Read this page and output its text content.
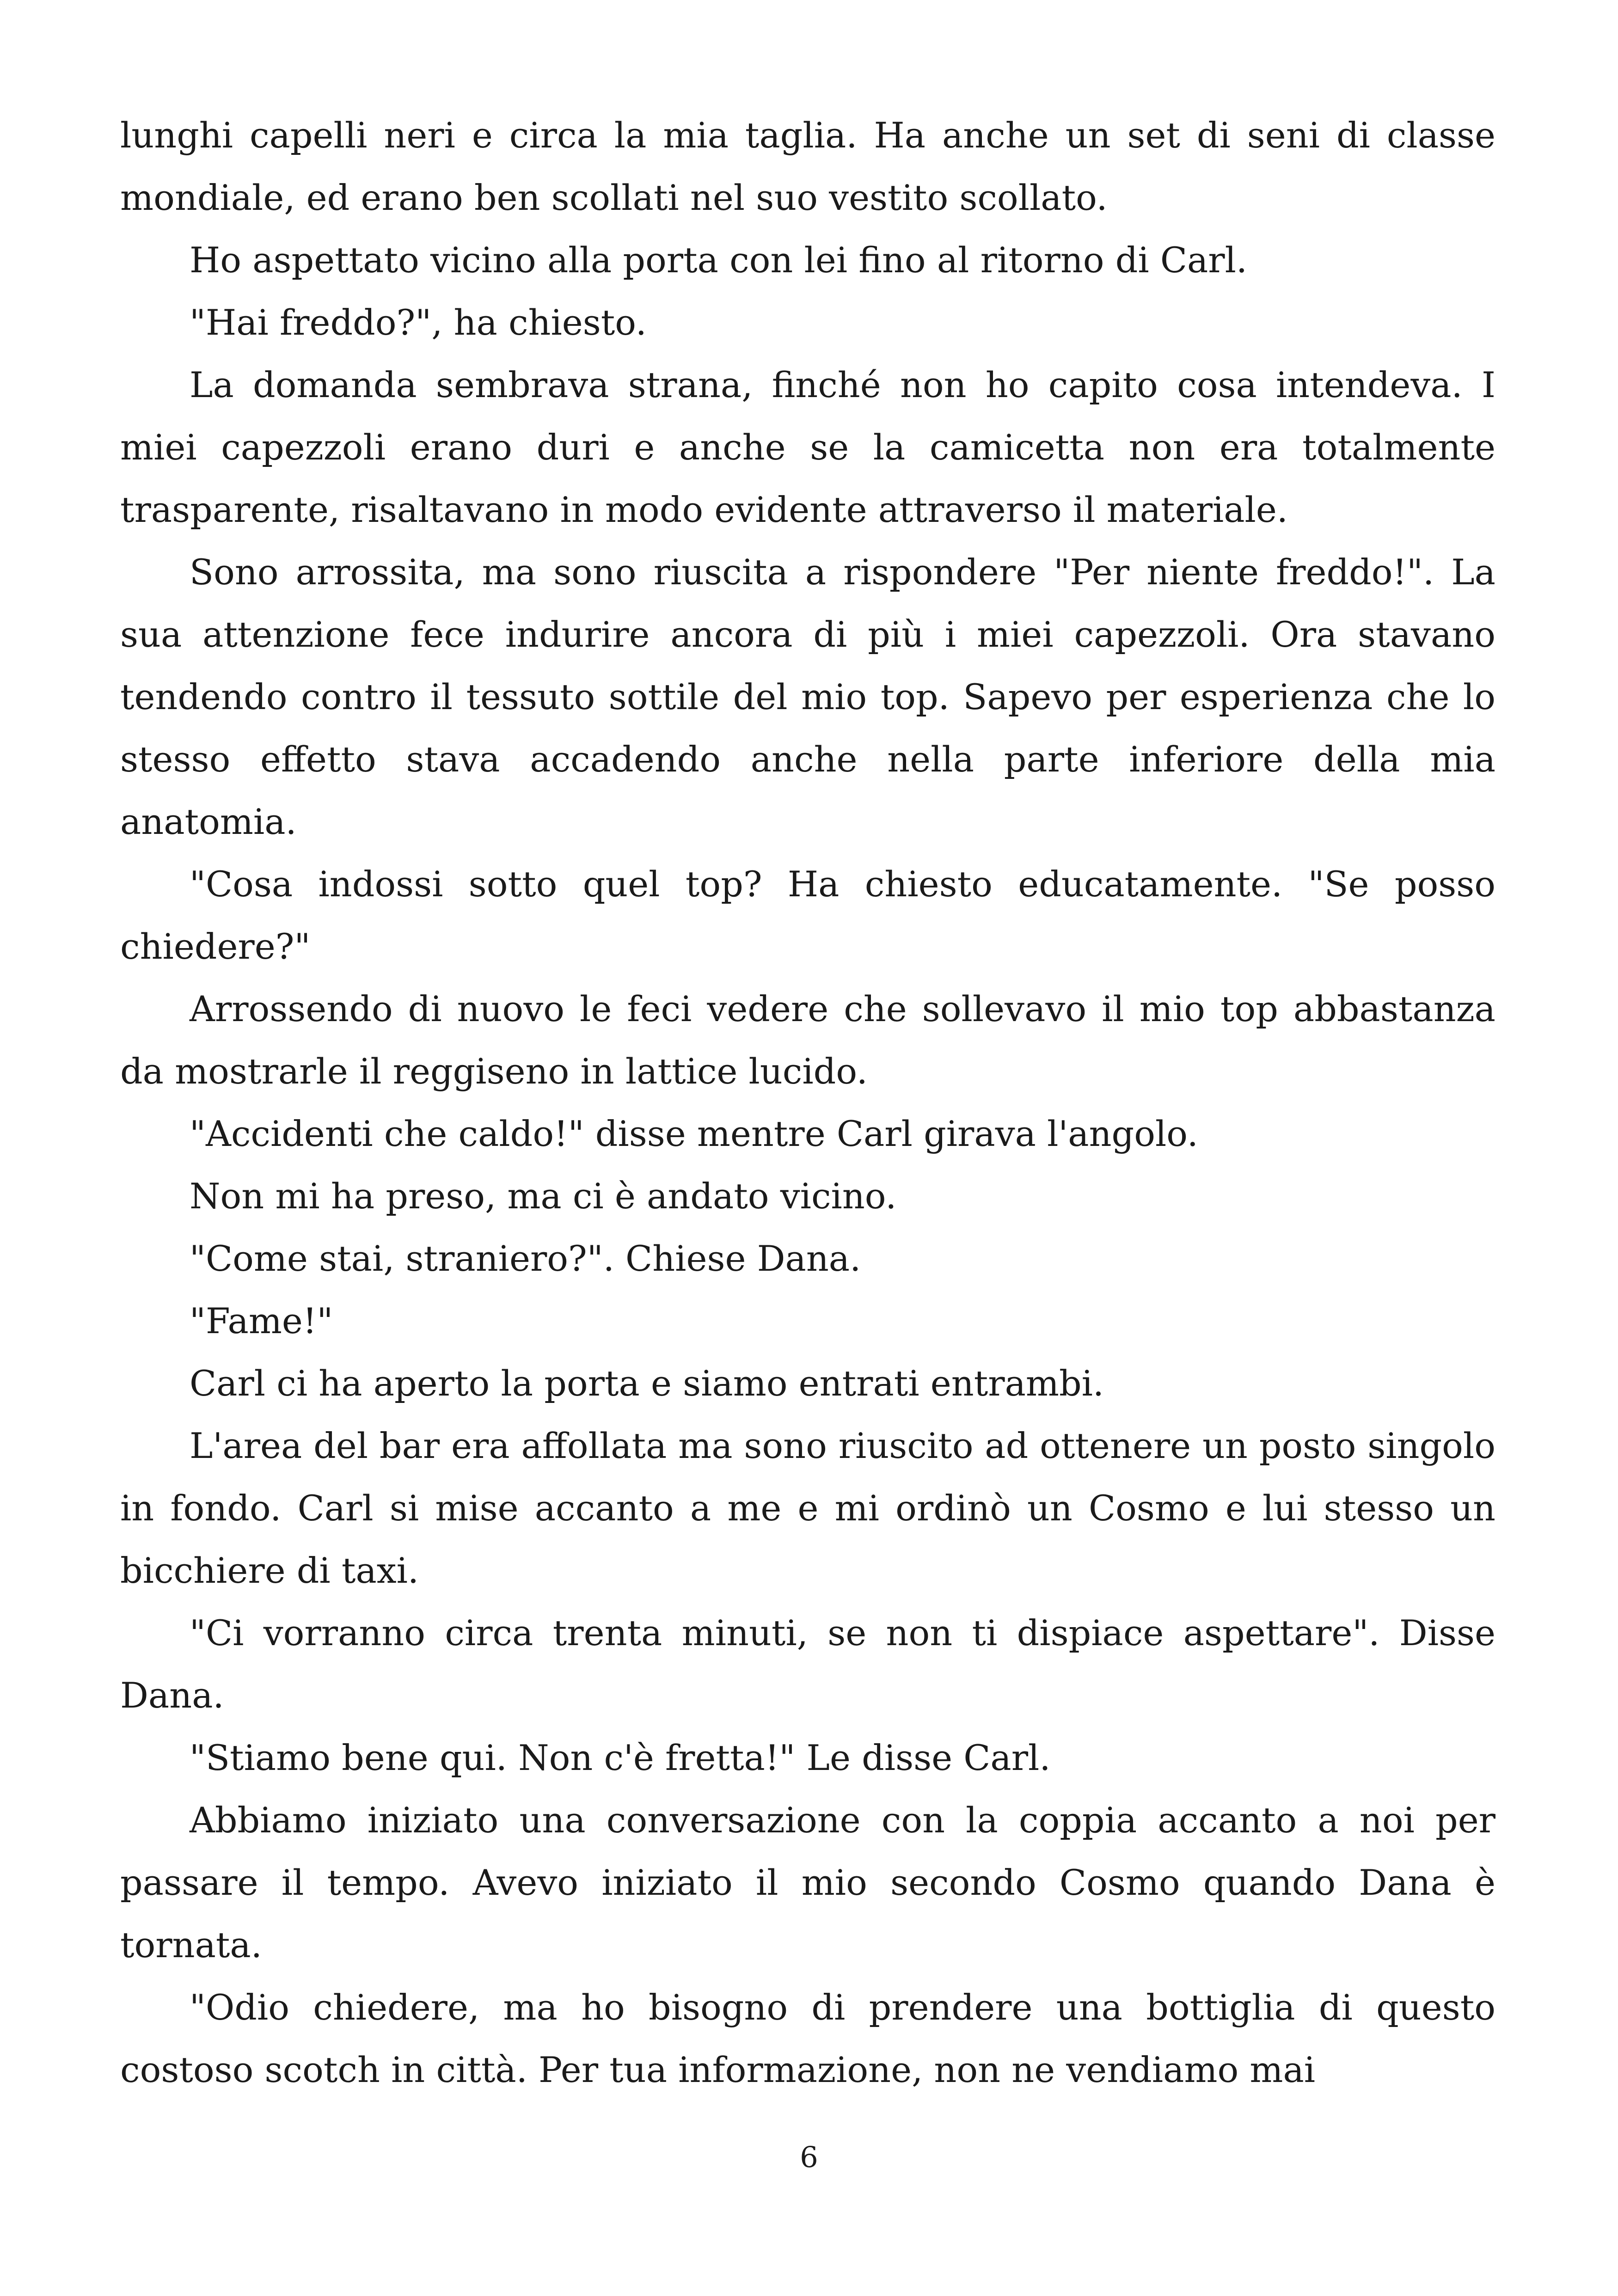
lunghi capelli neri e circa la mia taglia. Ha anche un set di seni di classe mondiale, ed erano ben scollati nel suo vestito scollato.

Ho aspettato vicino alla porta con lei fino al ritorno di Carl.

"Hai freddo?", ha chiesto.

La domanda sembrava strana, finché non ho capito cosa intendeva. I miei capezzoli erano duri e anche se la camicetta non era totalmente trasparente, risaltavano in modo evidente attraverso il materiale.

Sono arrossita, ma sono riuscita a rispondere "Per niente freddo!". La sua attenzione fece indurire ancora di più i miei capezzoli. Ora stavano tendendo contro il tessuto sottile del mio top. Sapevo per esperienza che lo stesso effetto stava accadendo anche nella parte inferiore della mia anatomia.

"Cosa indossi sotto quel top? Ha chiesto educatamente. "Se posso chiedere?"

Arrossendo di nuovo le feci vedere che sollevavo il mio top abbastanza da mostrarle il reggiseno in lattice lucido.

"Accidenti che caldo!" disse mentre Carl girava l'angolo.

Non mi ha preso, ma ci è andato vicino.

"Come stai, straniero?". Chiese Dana.

"Fame!"

Carl ci ha aperto la porta e siamo entrati entrambi.

L'area del bar era affollata ma sono riuscito ad ottenere un posto singolo in fondo. Carl si mise accanto a me e mi ordinò un Cosmo e lui stesso un bicchiere di taxi.

"Ci vorranno circa trenta minuti, se non ti dispiace aspettare". Disse Dana.

"Stiamo bene qui. Non c'è fretta!" Le disse Carl.

Abbiamo iniziato una conversazione con la coppia accanto a noi per passare il tempo. Avevo iniziato il mio secondo Cosmo quando Dana è tornata.

"Odio chiedere, ma ho bisogno di prendere una bottiglia di questo costoso scotch in città. Per tua informazione, non ne vendiamo mai

6
